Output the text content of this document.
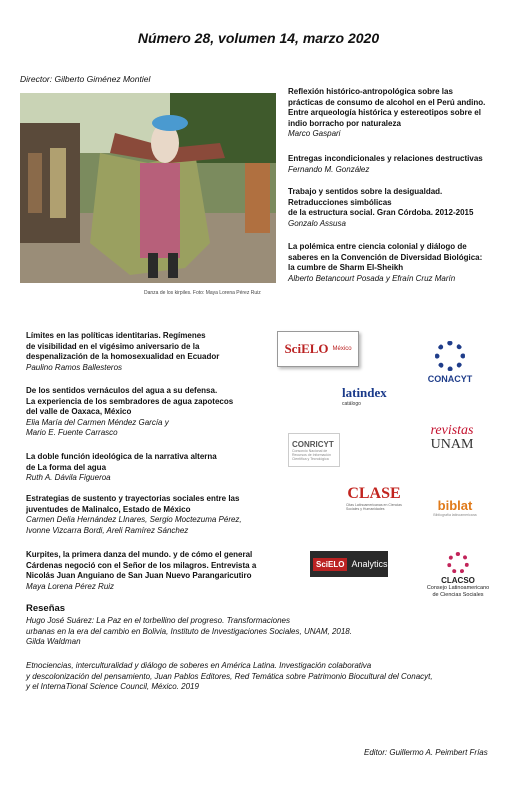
Número 28, volumen 14, marzo 2020
Director: Gilberto Giménez Montiel
Danza de los kirpiles. Foto: Maya Lorena Pérez Ruiz
Reflexión histórico-antropológica sobre las
prácticas de consumo de alcohol en el Perú andino.
Entre arqueología histórica y estereotipos sobre el
indio borracho por naturaleza
Marco Gaspari
Entregas incondicionales y relaciones destructivas
Fernando M. González
Trabajo y sentidos sobre la desigualdad.
Retraducciones simbólicas
de la estructura social. Gran Córdoba. 2012-2015
Gonzalo Assusa
La polémica entre ciencia colonial y diálogo de
saberes en la Convención de Diversidad Biológica:
la cumbre de Sharm El-Sheikh
Alberto Betancourt Posada y Efraín Cruz Marín
Límites en las políticas identitarias. Regímenes
de visibilidad en el vigésimo aniversario de la
despenalización de la homosexualidad en Ecuador
Paulino Ramos Ballesteros
De los sentidos vernáculos del agua a su defensa.
La experiencia de los sembradores de agua zapotecos
del valle de Oaxaca, México
Elia María del Carmen Méndez García y
Mario E. Fuente Carrasco
La doble función ideológica de la narrativa alterna
de La forma del agua
Ruth A. Dávila Figueroa
Estrategias de sustento y trayectorias sociales entre las
juventudes de Malinalco, Estado de México
Carmen Delia Hernández LInares, Sergio Moctezuma Pérez,
Ivonne Vizcarra Bordi, Areli Ramírez Sánchez
Kurpites, la primera danza del mundo. y de cómo el general
Cárdenas negoció con el Señor de los milagros. Entrevista a
Nicolás Juan Anguiano de San Juan Nuevo Parangaricutiro
Maya Lorena Pérez Ruiz
Reseñas
Hugo José Suárez: La Paz en el torbellino del progreso. Transformaciones
urbanas en la era del cambio en Bolivia, Instituto de Investigaciones Sociales, UNAM, 2018.
Gilda Waldman
Etnociencias, interculturalidad y diálogo de soberes en América Latina. Investigación colaborativa
y descolonización del pensamiento, Juan Pablos Editores, Red Temática sobre Patrimonio Biocultural del Conacyt,
y el InternaTional Science Council, México. 2019
Editor: Guillermo A. Peimbert Frías
SciELO México
CONACYT
latindex
catálogo
revistas
UNAM
CONRICYT
Consorcio Nacional de Recursos de Información Científica y Tecnológica
CLASE
Citas Latinoamericanas en Ciencias Sociales y Humanidades	biblat
Bibliografía latinoamericana
SciELO Analytics
CLACSO
Consejo Latinoamericano
de Ciencias Sociales
